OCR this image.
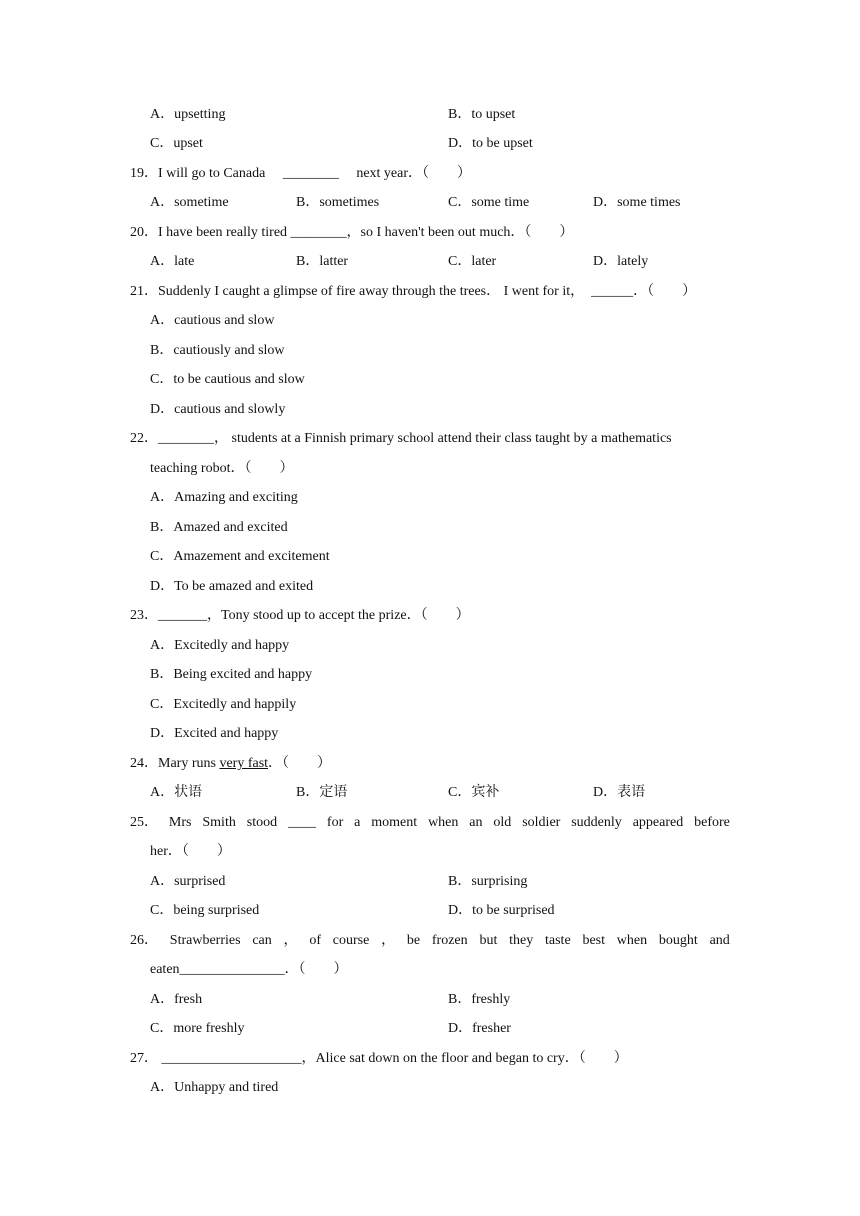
A．upsetting	B．to upset
C．upset	D．to be upset
19．I will go to Canada ________ next year．（　　）
A．sometime	B．sometimes	C．some time	D．some times
20．I have been really tired ________，so I haven't been out much．（　　）
A．late	B．latter	C．later	D．lately
21．Suddenly I caught a glimpse of fire away through the trees． I went for it， ______．（　　）
A．cautious and slow
B．cautiously and slow
C．to be cautious and slow
D．cautious and slowly
22．________， students at a Finnish primary school attend their class taught by a mathematics
teaching robot．（　　）
A．Amazing and exciting
B．Amazed and excited
C．Amazement and excitement
D．To be amazed and exited
23．_______，Tony stood up to accept the prize．（　　）
A．Excitedly and happy
B．Being excited and happy
C．Excitedly and happily
D．Excited and happy
24．Mary runs very fast．（　　）
A．状语	B．定语	C．宾补	D．表语
25． Mrs Smith stood ____ for a moment when an old soldier suddenly appeared before
her．（　　）
A．surprised	B．surprising
C．being surprised	D．to be surprised
26． Strawberries can ， of course ， be frozen but they taste best when bought and
eaten_______________．（　　）
A．fresh	B．freshly
C．more freshly	D．fresher
27． ____________________，Alice sat down on the floor and began to cry．（　　）
A．Unhappy and tired
